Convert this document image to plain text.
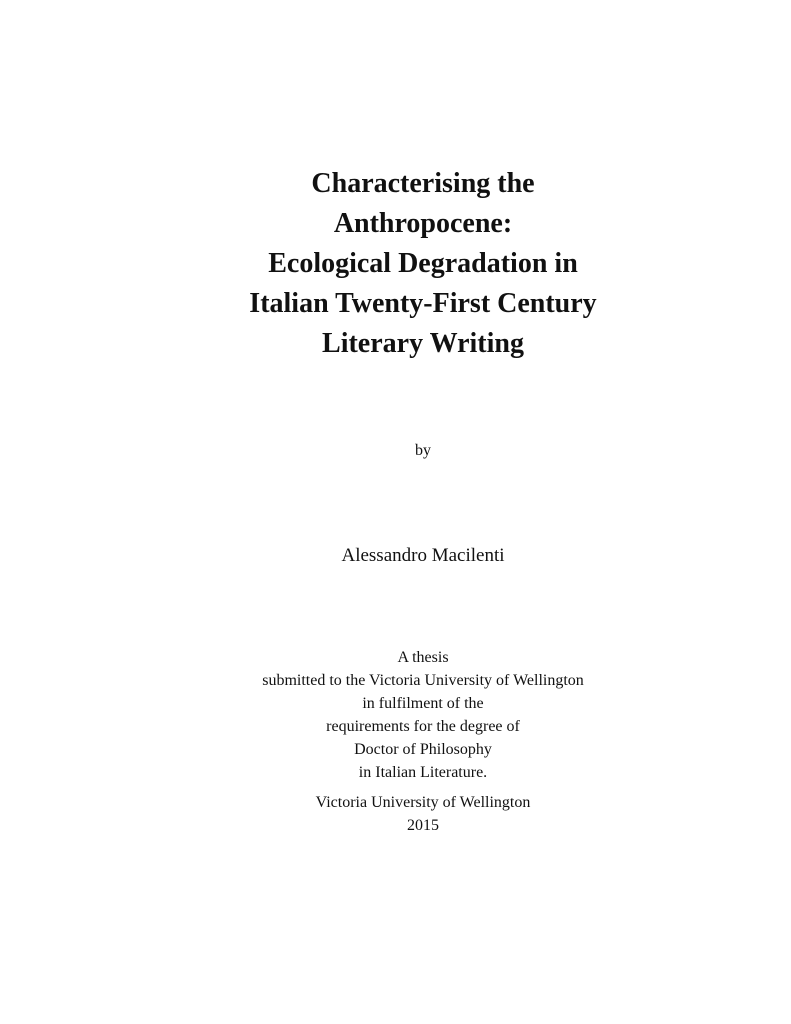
Characterising the
Anthropocene:
Ecological Degradation in
Italian Twenty-First Century
Literary Writing
by
Alessandro Macilenti
A thesis
submitted to the Victoria University of Wellington
in fulfilment of the
requirements for the degree of
Doctor of Philosophy
in Italian Literature.
Victoria University of Wellington
2015
